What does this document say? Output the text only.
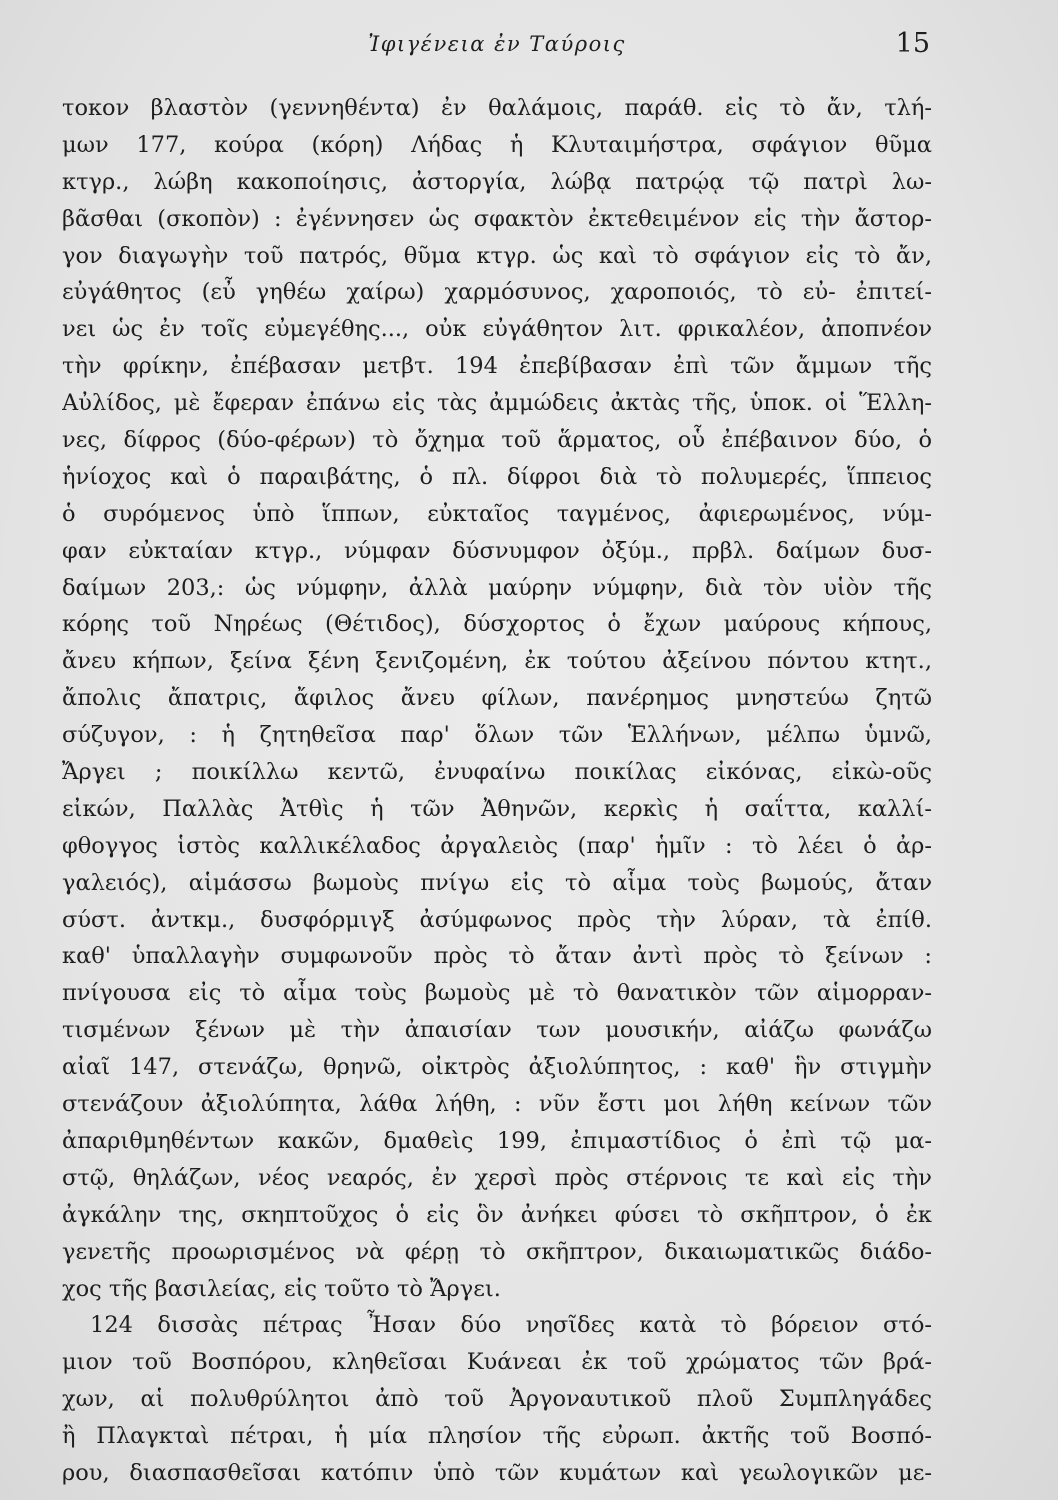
Ἰφιγένεια ἐν Ταύροις	15
τοκον βλαστὸν (γεννηθέντα) ἐν θαλάμοις, παράθ. εἰς τὸ ἄν, τλή-
μων 177, κούρα (κόρη) Λήδας ἡ Κλυταιμήστρα, σφάγιον θῦμα
κτγρ., λώβη κακοποίησις, ἀστοργία, λώβᾳ πατρῴᾳ τῷ πατρὶ λω-
βᾶσθαι (σκοπὸν) : ἐγέννησεν ὡς σφακτὸν ἐκτεθειμένον εἰς τὴν ἄστορ-
γον διαγωγὴν τοῦ πατρός, θῦμα κτγρ. ὡς καὶ τὸ σφάγιον εἰς τὸ ἄν,
εὐγάθητος (εὖ γηθέω χαίρω) χαρμόσυνος, χαροποιός, τὸ εὐ- ἐπιτεί-
νει ὡς ἐν τοῖς εὐμεγέθης..., οὐκ εὐγάθητον λιτ. φρικαλέον, ἀποπνέον
τὴν φρίκην, ἐπέβασαν μετβτ. 194 ἐπεβίβασαν ἐπὶ τῶν ἄμμων τῆς
Αὐλίδος, μὲ ἔφεραν ἐπάνω εἰς τὰς ἀμμώδεις ἀκτὰς τῆς, ὑποκ. οἱ Ἕλλη-
νες, δίφρος (δύο-φέρων) τὸ ὄχημα τοῦ ἅρματος, οὗ ἐπέβαινον δύο, ὁ
ἡνίοχος καὶ ὁ παραιβάτης, ὁ πλ. δίφροι διὰ τὸ πολυμερές, ἵππειος
ὁ συρόμενος ὑπὸ ἵππων, εὐκταῖος ταγμένος, ἀφιερωμένος, νύμ-
φαν εὐκταίαν κτγρ., νύμφαν δύσνυμφον ὀξύμ., πρβλ. δαίμων δυσ-
δαίμων 203,: ὡς νύμφην, ἀλλὰ μαύρην νύμφην, διὰ τὸν υἱὸν τῆς
κόρης τοῦ Νηρέως (Θέτιδος), δύσχορτος ὁ ἔχων μαύρους κήπους,
ἄνευ κήπων, ξείνα ξένη ξενιζομένη, ἐκ τούτου ἀξείνου πόντου κτητ.,
ἄπολις ἄπατρις, ἄφιλος ἄνευ φίλων, πανέρημος μνηστεύω ζητῶ
σύζυγον, : ἡ ζητηθεῖσα παρ' ὅλων τῶν Ἑλλήνων, μέλπω ὑμνῶ,
Ἄργει ; ποικίλλω κεντῶ, ἐνυφαίνω ποικίλας εἰκόνας, εἰκὼ-οῦς
εἰκών, Παλλὰς Ἀτθὶς ἡ τῶν Ἀθηνῶν, κερκὶς ἡ σαΐττα, καλλί-
φθογγος ἱστὸς καλλικέλαδος ἀργαλειὸς (παρ' ἡμῖν : τὸ λέει ὁ ἀρ-
γαλειός), αἱμάσσω βωμοὺς πνίγω εἰς τὸ αἷμα τοὺς βωμούς, ἄταν
σύστ. ἀντκμ., δυσφόρμιγξ ἀσύμφωνος πρὸς τὴν λύραν, τὰ ἐπίθ.
καθ' ὑπαλλαγὴν συμφωνοῦν πρὸς τὸ ἄταν ἀντὶ πρὸς τὸ ξείνων :
πνίγουσα εἰς τὸ αἷμα τοὺς βωμοὺς μὲ τὸ θανατικὸν τῶν αἱμορραν-
τισμένων ξένων μὲ τὴν ἀπαισίαν των μουσικήν, αἰάζω φωνάζω
αἰαῖ 147, στενάζω, θρηνῶ, οἰκτρὸς ἀξιολύπητος, : καθ' ἣν στιγμὴν
στενάζουν ἀξιολύπητα, λάθα λήθη, : νῦν ἔστι μοι λήθη κείνων τῶν
ἀπαριθμηθέντων κακῶν, δμαθεὶς 199, ἐπιμαστίδιος ὁ ἐπὶ τῷ μα-
στῷ, θηλάζων, νέος νεαρός, ἐν χερσὶ πρὸς στέρνοις τε καὶ εἰς τὴν
ἀγκάλην της, σκηπτοῦχος ὁ εἰς ὃν ἀνήκει φύσει τὸ σκῆπτρον, ὁ ἐκ
γενετῆς προωρισμένος νὰ φέρῃ τὸ σκῆπτρον, δικαιωματικῶς διάδο-
χος τῆς βασιλείας, εἰς τοῦτο τὸ Ἄργει.
124 δισσὰς πέτρας Ἦσαν δύο νησῖδες κατὰ τὸ βόρειον στό-
μιον τοῦ Βοσπόρου, κληθεῖσαι Κυάνεαι ἐκ τοῦ χρώματος τῶν βρά-
χων, αἱ πολυθρύλητοι ἀπὸ τοῦ Ἀργοναυτικοῦ πλοῦ Συμπληγάδες
ἢ Πλαγκταὶ πέτραι, ἡ μία πλησίον τῆς εὐρωπ. ἀκτῆς τοῦ Βοσπό-
ρου, διασπασθεῖσαι κατόπιν ὑπὸ τῶν κυμάτων καὶ γεωλογικῶν με-
